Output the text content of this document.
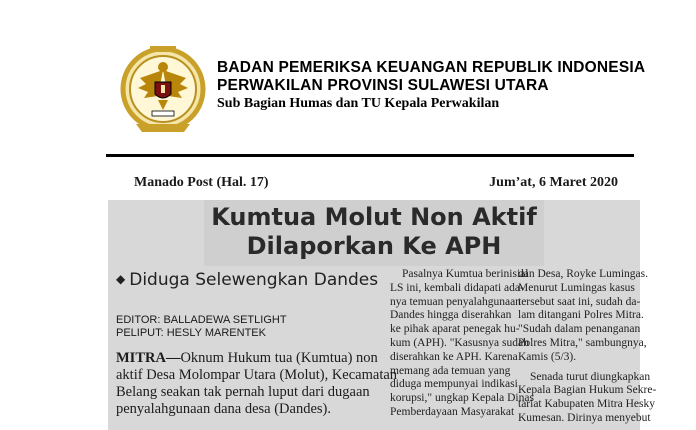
BADAN PEMERIKSA KEUANGAN REPUBLIK INDONESIA
PERWAKILAN PROVINSI SULAWESI UTARA
Sub Bagian Humas dan TU Kepala Perwakilan
Manado Post (Hal. 17)	Jum’at, 6 Maret 2020
Kumtua Molut Non Aktif
Dilaporkan Ke APH
◆ Diduga Selewengkan Dandes
EDITOR: BALLADEWA SETLIGHT
PELIPUT: HESLY MARENTEK

MITRA—Oknum Hukum tua (Kumtua) non

aktif Desa Molompar Utara (Molut), Kecamatan

Belang seakan tak pernah luput dari dugaan

penyalahgunaan dana desa (Dandes).

Pasalnya Kumtua berinisial

LS ini, kembali didapati ada-

nya temuan penyalahgunaan

Dandes hingga diserahkan

ke pihak aparat penegak hu-

kum (APH). "Kasusnya sudah

diserahkan ke APH. Karena

memang ada temuan yang

diduga mempunyai indikasi

korupsi," ungkap Kepala Dinas

Pemberdayaan Masyarakat

dan Desa, Royke Lumingas.

Menurut Lumingas kasus

tersebut saat ini, sudah da-

lam ditangani Polres Mitra.

"Sudah dalam penanganan

Polres Mitra," sambungnya,

Kamis (5/3).

Senada turut diungkapkan

Kepala Bagian Hukum Sekre-

tariat Kabupaten Mitra Hesky

Kumesan. Dirinya menyebut
